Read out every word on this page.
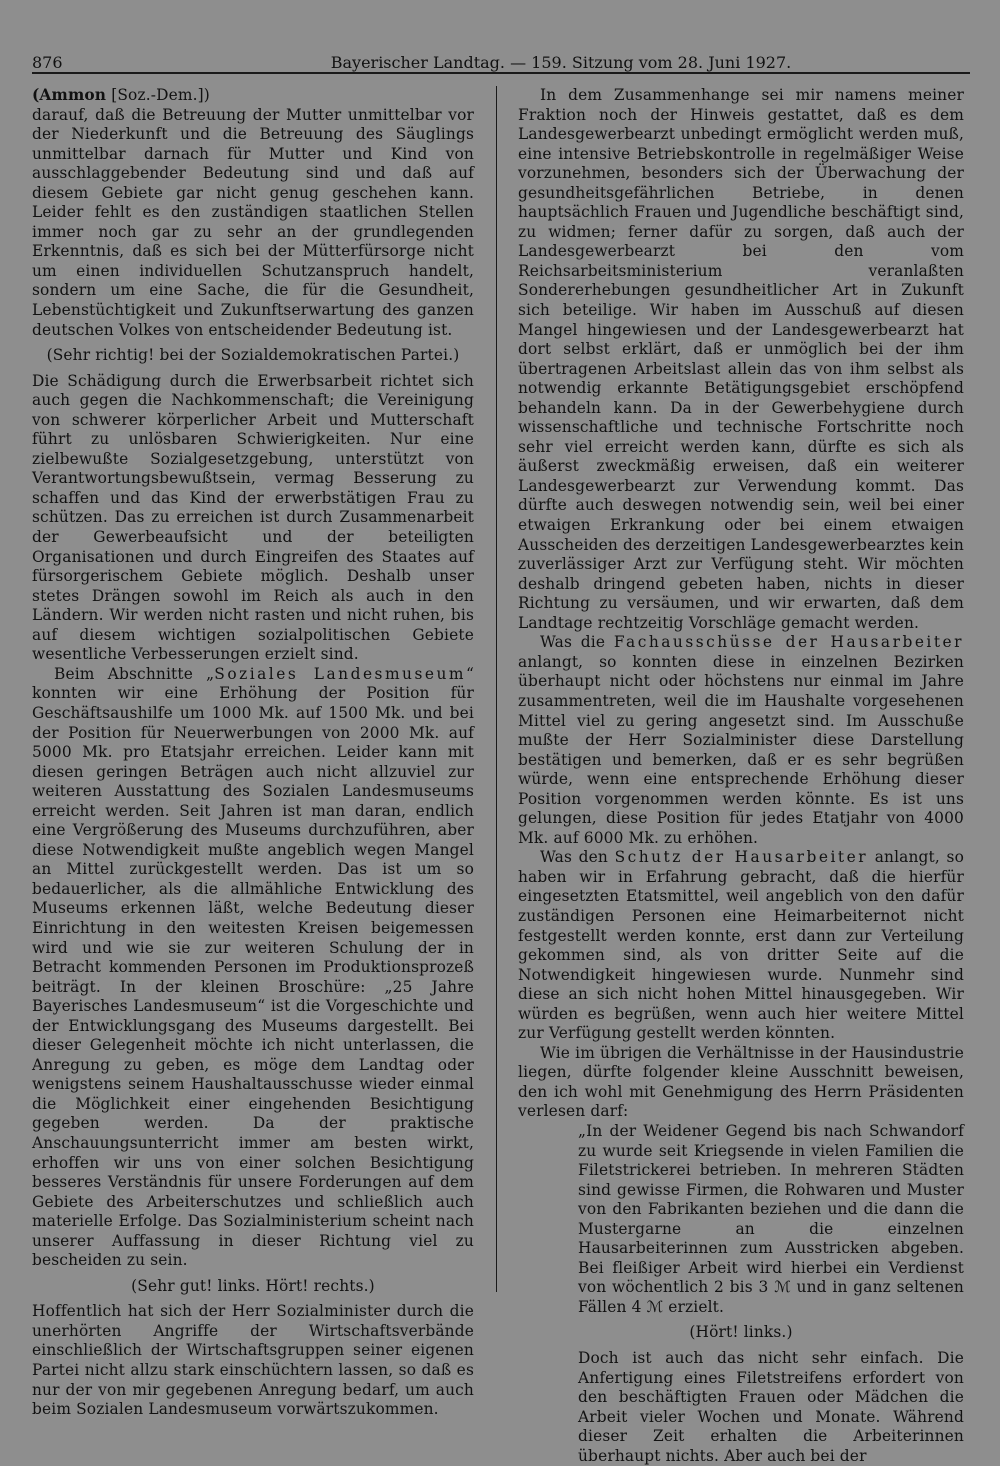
876	Bayerischer Landtag. — 159. Sitzung vom 28. Juni 1927.

(Ammon [Soz.-Dem.])

darauf, daß die Betreuung der Mutter unmittelbar vor der Niederkunft und die Betreuung des Säuglings unmittelbar darnach für Mutter und Kind von ausschlaggebender Bedeutung sind und daß auf diesem Gebiete gar nicht genug geschehen kann. Leider fehlt es den zuständigen staatlichen Stellen immer noch gar zu sehr an der grundlegenden Erkenntnis, daß es sich bei der Mütterfürsorge nicht um einen individuellen Schutzanspruch handelt, sondern um eine Sache, die für die Gesundheit, Lebenstüchtigkeit und Zukunftserwartung des ganzen deutschen Volkes von entscheidender Bedeutung ist.

(Sehr richtig! bei der Sozialdemokratischen Partei.)

Die Schädigung durch die Erwerbsarbeit richtet sich auch gegen die Nachkommenschaft; die Vereinigung von schwerer körperlicher Arbeit und Mutterschaft führt zu unlösbaren Schwierigkeiten. Nur eine zielbewußte Sozialgesetzgebung, unterstützt von Verantwortungsbewußtsein, vermag Besserung zu schaffen und das Kind der erwerbstätigen Frau zu schützen. Das zu erreichen ist durch Zusammenarbeit der Gewerbeaufsicht und der beteiligten Organisationen und durch Eingreifen des Staates auf fürsorgerischem Gebiete möglich. Deshalb unser stetes Drängen sowohl im Reich als auch in den Ländern. Wir werden nicht rasten und nicht ruhen, bis auf diesem wichtigen sozialpolitischen Gebiete wesentliche Verbesserungen erzielt sind.

Beim Abschnitte „Soziales Landesmuseum“ konnten wir eine Erhöhung der Position für Geschäftsaushilfe um 1000 Mk. auf 1500 Mk. und bei der Position für Neuerwerbungen von 2000 Mk. auf 5000 Mk. pro Etatsjahr erreichen. Leider kann mit diesen geringen Beträgen auch nicht allzuviel zur weiteren Ausstattung des Sozialen Landesmuseums erreicht werden. Seit Jahren ist man daran, endlich eine Vergrößerung des Museums durchzuführen, aber diese Notwendigkeit mußte angeblich wegen Mangel an Mittel zurückgestellt werden. Das ist um so bedauerlicher, als die allmähliche Entwicklung des Museums erkennen läßt, welche Bedeutung dieser Einrichtung in den weitesten Kreisen beigemessen wird und wie sie zur weiteren Schulung der in Betracht kommenden Personen im Produktionsprozeß beiträgt. In der kleinen Broschüre: „25 Jahre Bayerisches Landesmuseum“ ist die Vorgeschichte und der Entwicklungsgang des Museums dargestellt. Bei dieser Gelegenheit möchte ich nicht unterlassen, die Anregung zu geben, es möge dem Landtag oder wenigstens seinem Haushaltausschusse wieder einmal die Möglichkeit einer eingehenden Besichtigung gegeben werden. Da der praktische Anschauungsunterricht immer am besten wirkt, erhoffen wir uns von einer solchen Besichtigung besseres Verständnis für unsere Forderungen auf dem Gebiete des Arbeiterschutzes und schließlich auch materielle Erfolge. Das Sozialministerium scheint nach unserer Auffassung in dieser Richtung viel zu bescheiden zu sein.

(Sehr gut! links. Hört! rechts.)

Hoffentlich hat sich der Herr Sozialminister durch die unerhörten Angriffe der Wirtschaftsverbände einschließlich der Wirtschaftsgruppen seiner eigenen Partei nicht allzu stark einschüchtern lassen, so daß es nur der von mir gegebenen Anregung bedarf, um auch beim Sozialen Landesmuseum vorwärtszukommen.

In dem Zusammenhange sei mir namens meiner Fraktion noch der Hinweis gestattet, daß es dem Landesgewerbearzt unbedingt ermöglicht werden muß, eine intensive Betriebskontrolle in regelmäßiger Weise vorzunehmen, besonders sich der Überwachung der gesundheitsgefährlichen Betriebe, in denen hauptsächlich Frauen und Jugendliche beschäftigt sind, zu widmen; ferner dafür zu sorgen, daß auch der Landesgewerbearzt bei den vom Reichsarbeitsministerium veranlaßten Sondererhebungen gesundheitlicher Art in Zukunft sich beteilige. Wir haben im Ausschuß auf diesen Mangel hingewiesen und der Landesgewerbearzt hat dort selbst erklärt, daß er unmöglich bei der ihm übertragenen Arbeitslast allein das von ihm selbst als notwendig erkannte Betätigungsgebiet erschöpfend behandeln kann. Da in der Gewerbehygiene durch wissenschaftliche und technische Fortschritte noch sehr viel erreicht werden kann, dürfte es sich als äußerst zweckmäßig erweisen, daß ein weiterer Landesgewerbearzt zur Verwendung kommt. Das dürfte auch deswegen notwendig sein, weil bei einer etwaigen Erkrankung oder bei einem etwaigen Ausscheiden des derzeitigen Landesgewerbearztes kein zuverlässiger Arzt zur Verfügung steht. Wir möchten deshalb dringend gebeten haben, nichts in dieser Richtung zu versäumen, und wir erwarten, daß dem Landtage rechtzeitig Vorschläge gemacht werden.

Was die Fachausschüsse der Hausarbeiter anlangt, so konnten diese in einzelnen Bezirken überhaupt nicht oder höchstens nur einmal im Jahre zusammentreten, weil die im Haushalte vorgesehenen Mittel viel zu gering angesetzt sind. Im Ausschuße mußte der Herr Sozialminister diese Darstellung bestätigen und bemerken, daß er es sehr begrüßen würde, wenn eine entsprechende Erhöhung dieser Position vorgenommen werden könnte. Es ist uns gelungen, diese Position für jedes Etatjahr von 4000 Mk. auf 6000 Mk. zu erhöhen.

Was den Schutz der Hausarbeiter anlangt, so haben wir in Erfahrung gebracht, daß die hierfür eingesetzten Etatsmittel, weil angeblich von den dafür zuständigen Personen eine Heimarbeiternot nicht festgestellt werden konnte, erst dann zur Verteilung gekommen sind, als von dritter Seite auf die Notwendigkeit hingewiesen wurde. Nunmehr sind diese an sich nicht hohen Mittel hinausgegeben. Wir würden es begrüßen, wenn auch hier weitere Mittel zur Verfügung gestellt werden könnten.

Wie im übrigen die Verhältnisse in der Hausindustrie liegen, dürfte folgender kleine Ausschnitt beweisen, den ich wohl mit Genehmigung des Herrn Präsidenten verlesen darf:

„In der Weidener Gegend bis nach Schwandorf zu wurde seit Kriegsende in vielen Familien die Filetstrickerei betrieben. In mehreren Städten sind gewisse Firmen, die Rohwaren und Muster von den Fabrikanten beziehen und die dann die Mustergarne an die einzelnen Hausarbeiterinnen zum Ausstricken abgeben. Bei fleißiger Arbeit wird hierbei ein Verdienst von wöchentlich 2 bis 3 ℳ und in ganz seltenen Fällen 4 ℳ erzielt.

(Hört! links.)

Doch ist auch das nicht sehr einfach. Die Anfertigung eines Filetstreifens erfordert von den beschäftigten Frauen oder Mädchen die Arbeit vieler Wochen und Monate. Während dieser Zeit erhalten die Arbeiterinnen überhaupt nichts. Aber auch bei der
